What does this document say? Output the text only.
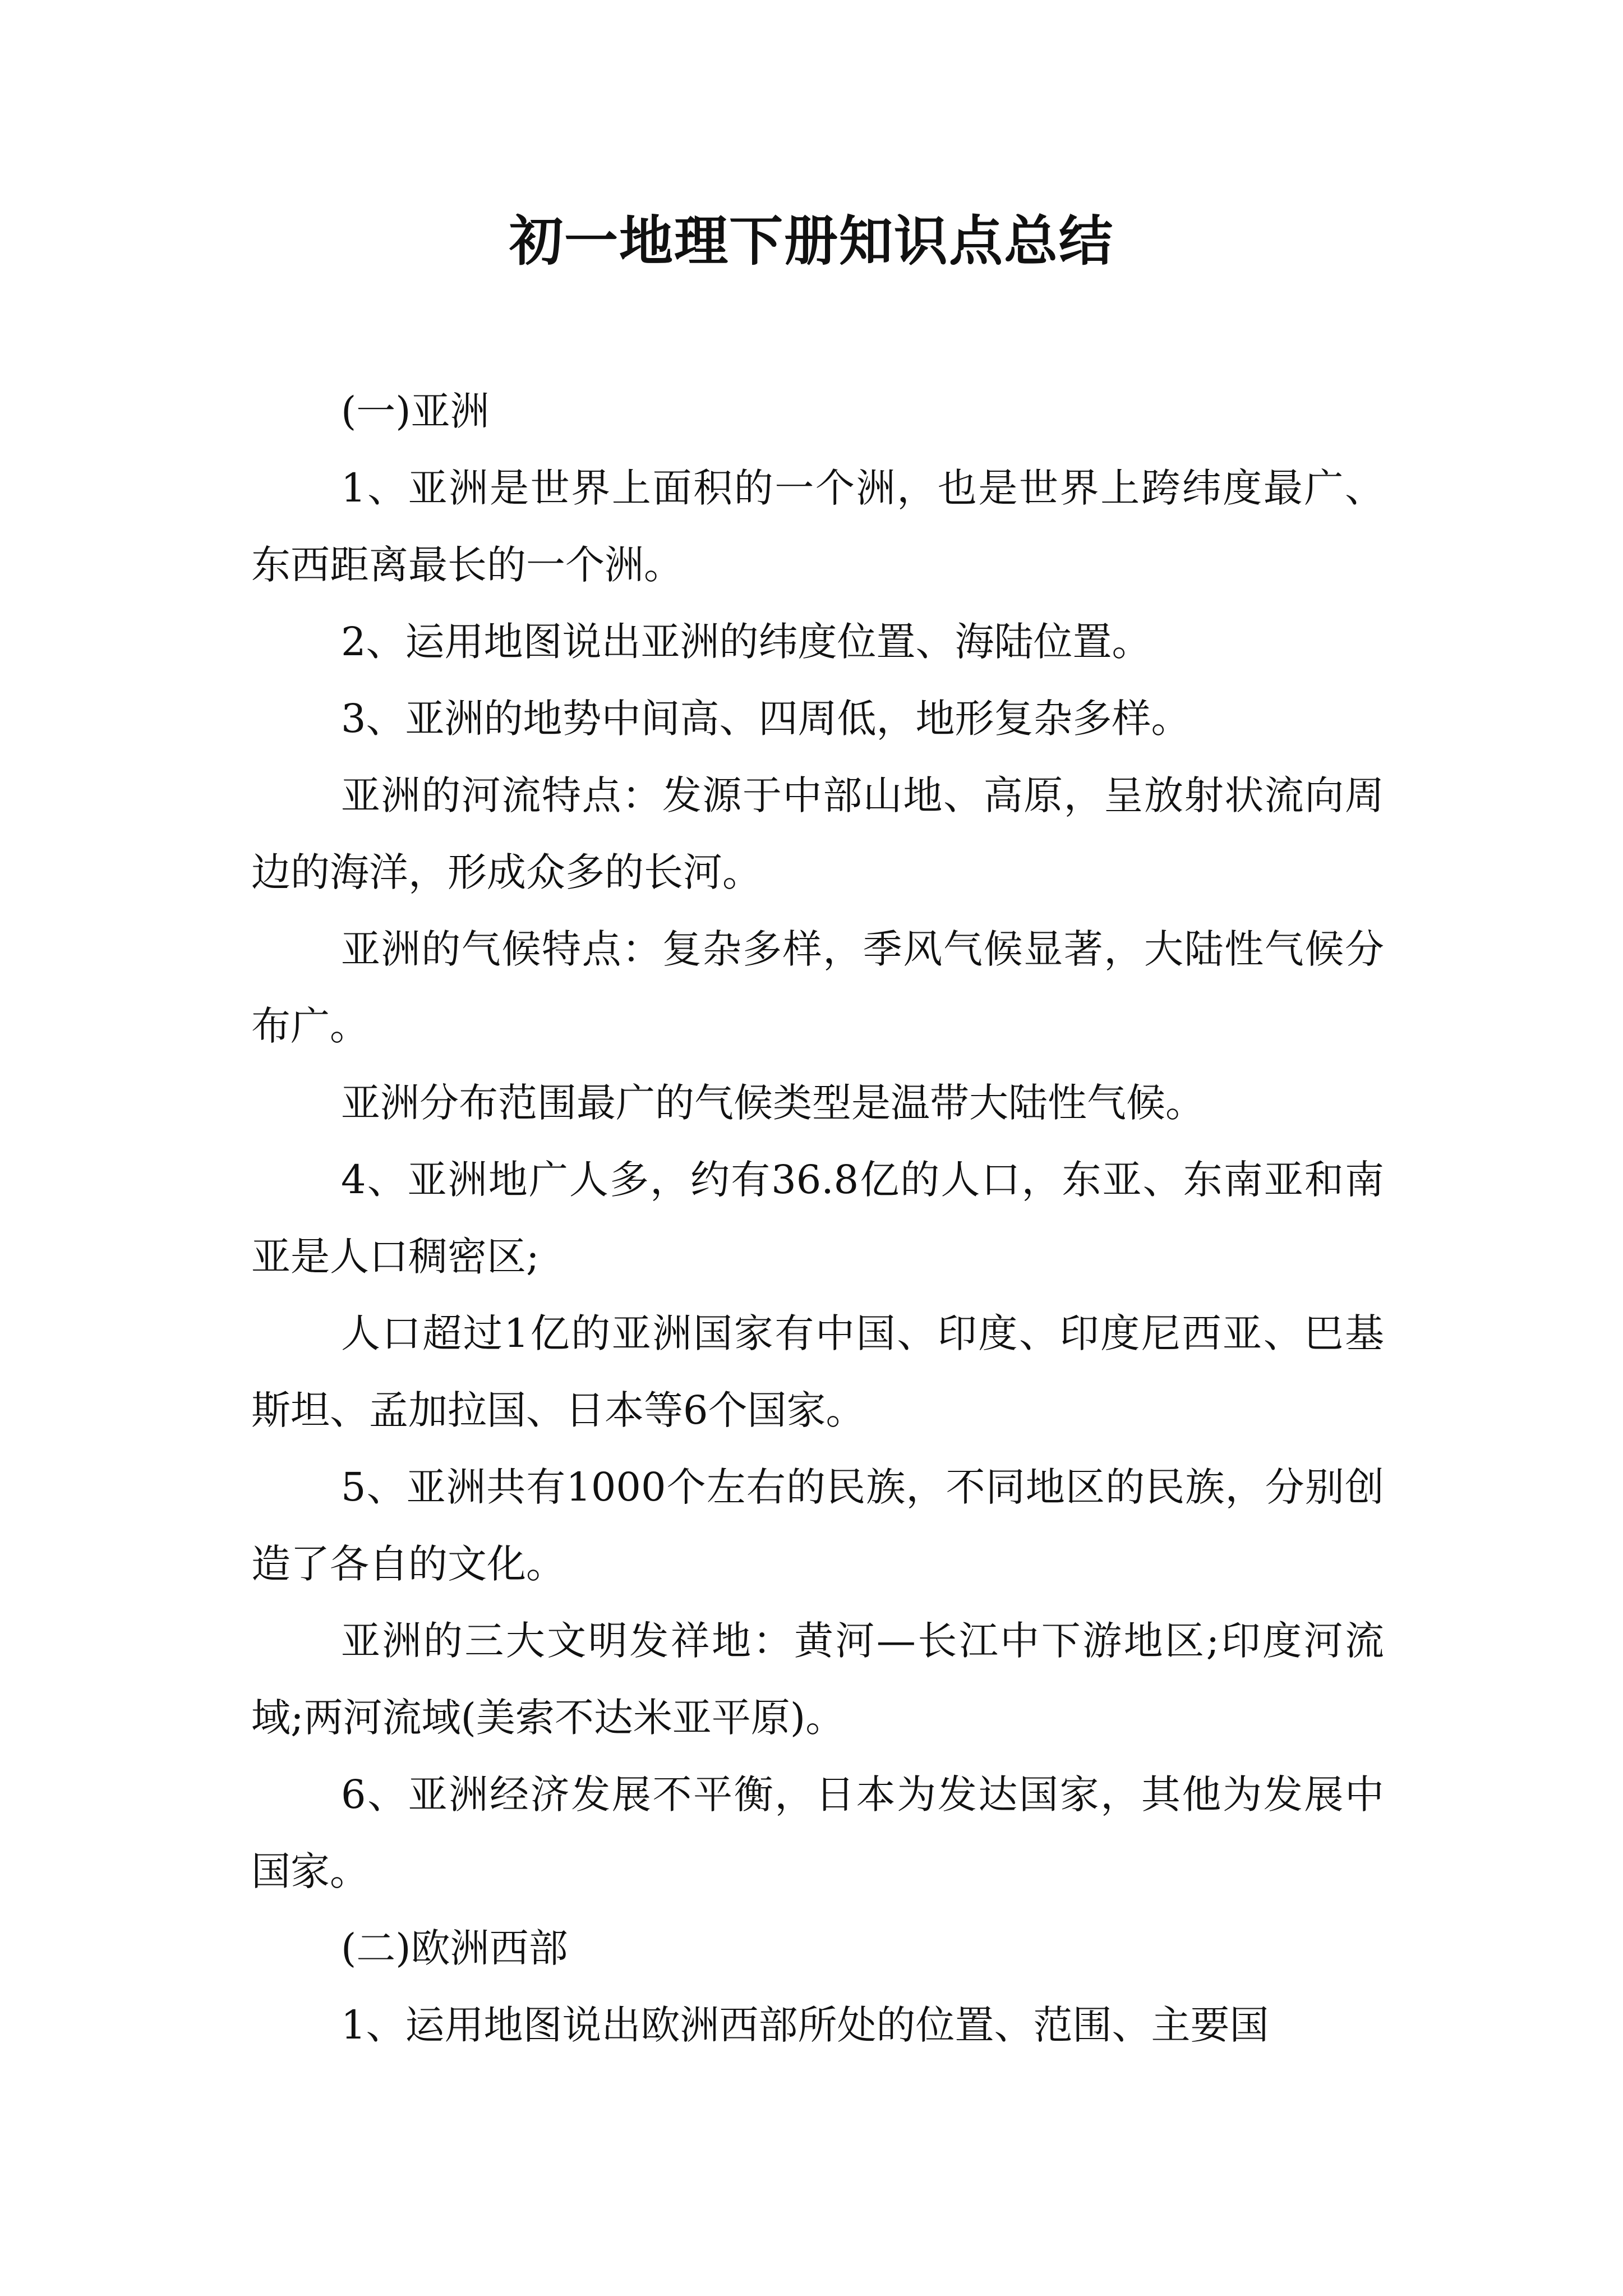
初一地理下册知识点总结

(一)亚洲

1、亚洲是世界上面积的一个洲，也是世界上跨纬度最广、东西距离最长的一个洲。

2、运用地图说出亚洲的纬度位置、海陆位置。

3、亚洲的地势中间高、四周低，地形复杂多样。

亚洲的河流特点：发源于中部山地、高原，呈放射状流向周边的海洋，形成众多的长河。

亚洲的气候特点：复杂多样，季风气候显著，大陆性气候分布广。

亚洲分布范围最广的气候类型是温带大陆性气候。

4、亚洲地广人多，约有36.8亿的人口，东亚、东南亚和南亚是人口稠密区;

人口超过1亿的亚洲国家有中国、印度、印度尼西亚、巴基斯坦、孟加拉国、日本等6个国家。

5、亚洲共有1000个左右的民族，不同地区的民族，分别创造了各自的文化。

亚洲的三大文明发祥地：黄河—长江中下游地区;印度河流域;两河流域(美索不达米亚平原)。

6、亚洲经济发展不平衡，日本为发达国家，其他为发展中国家。

(二)欧洲西部

1、运用地图说出欧洲西部所处的位置、范围、主要国
